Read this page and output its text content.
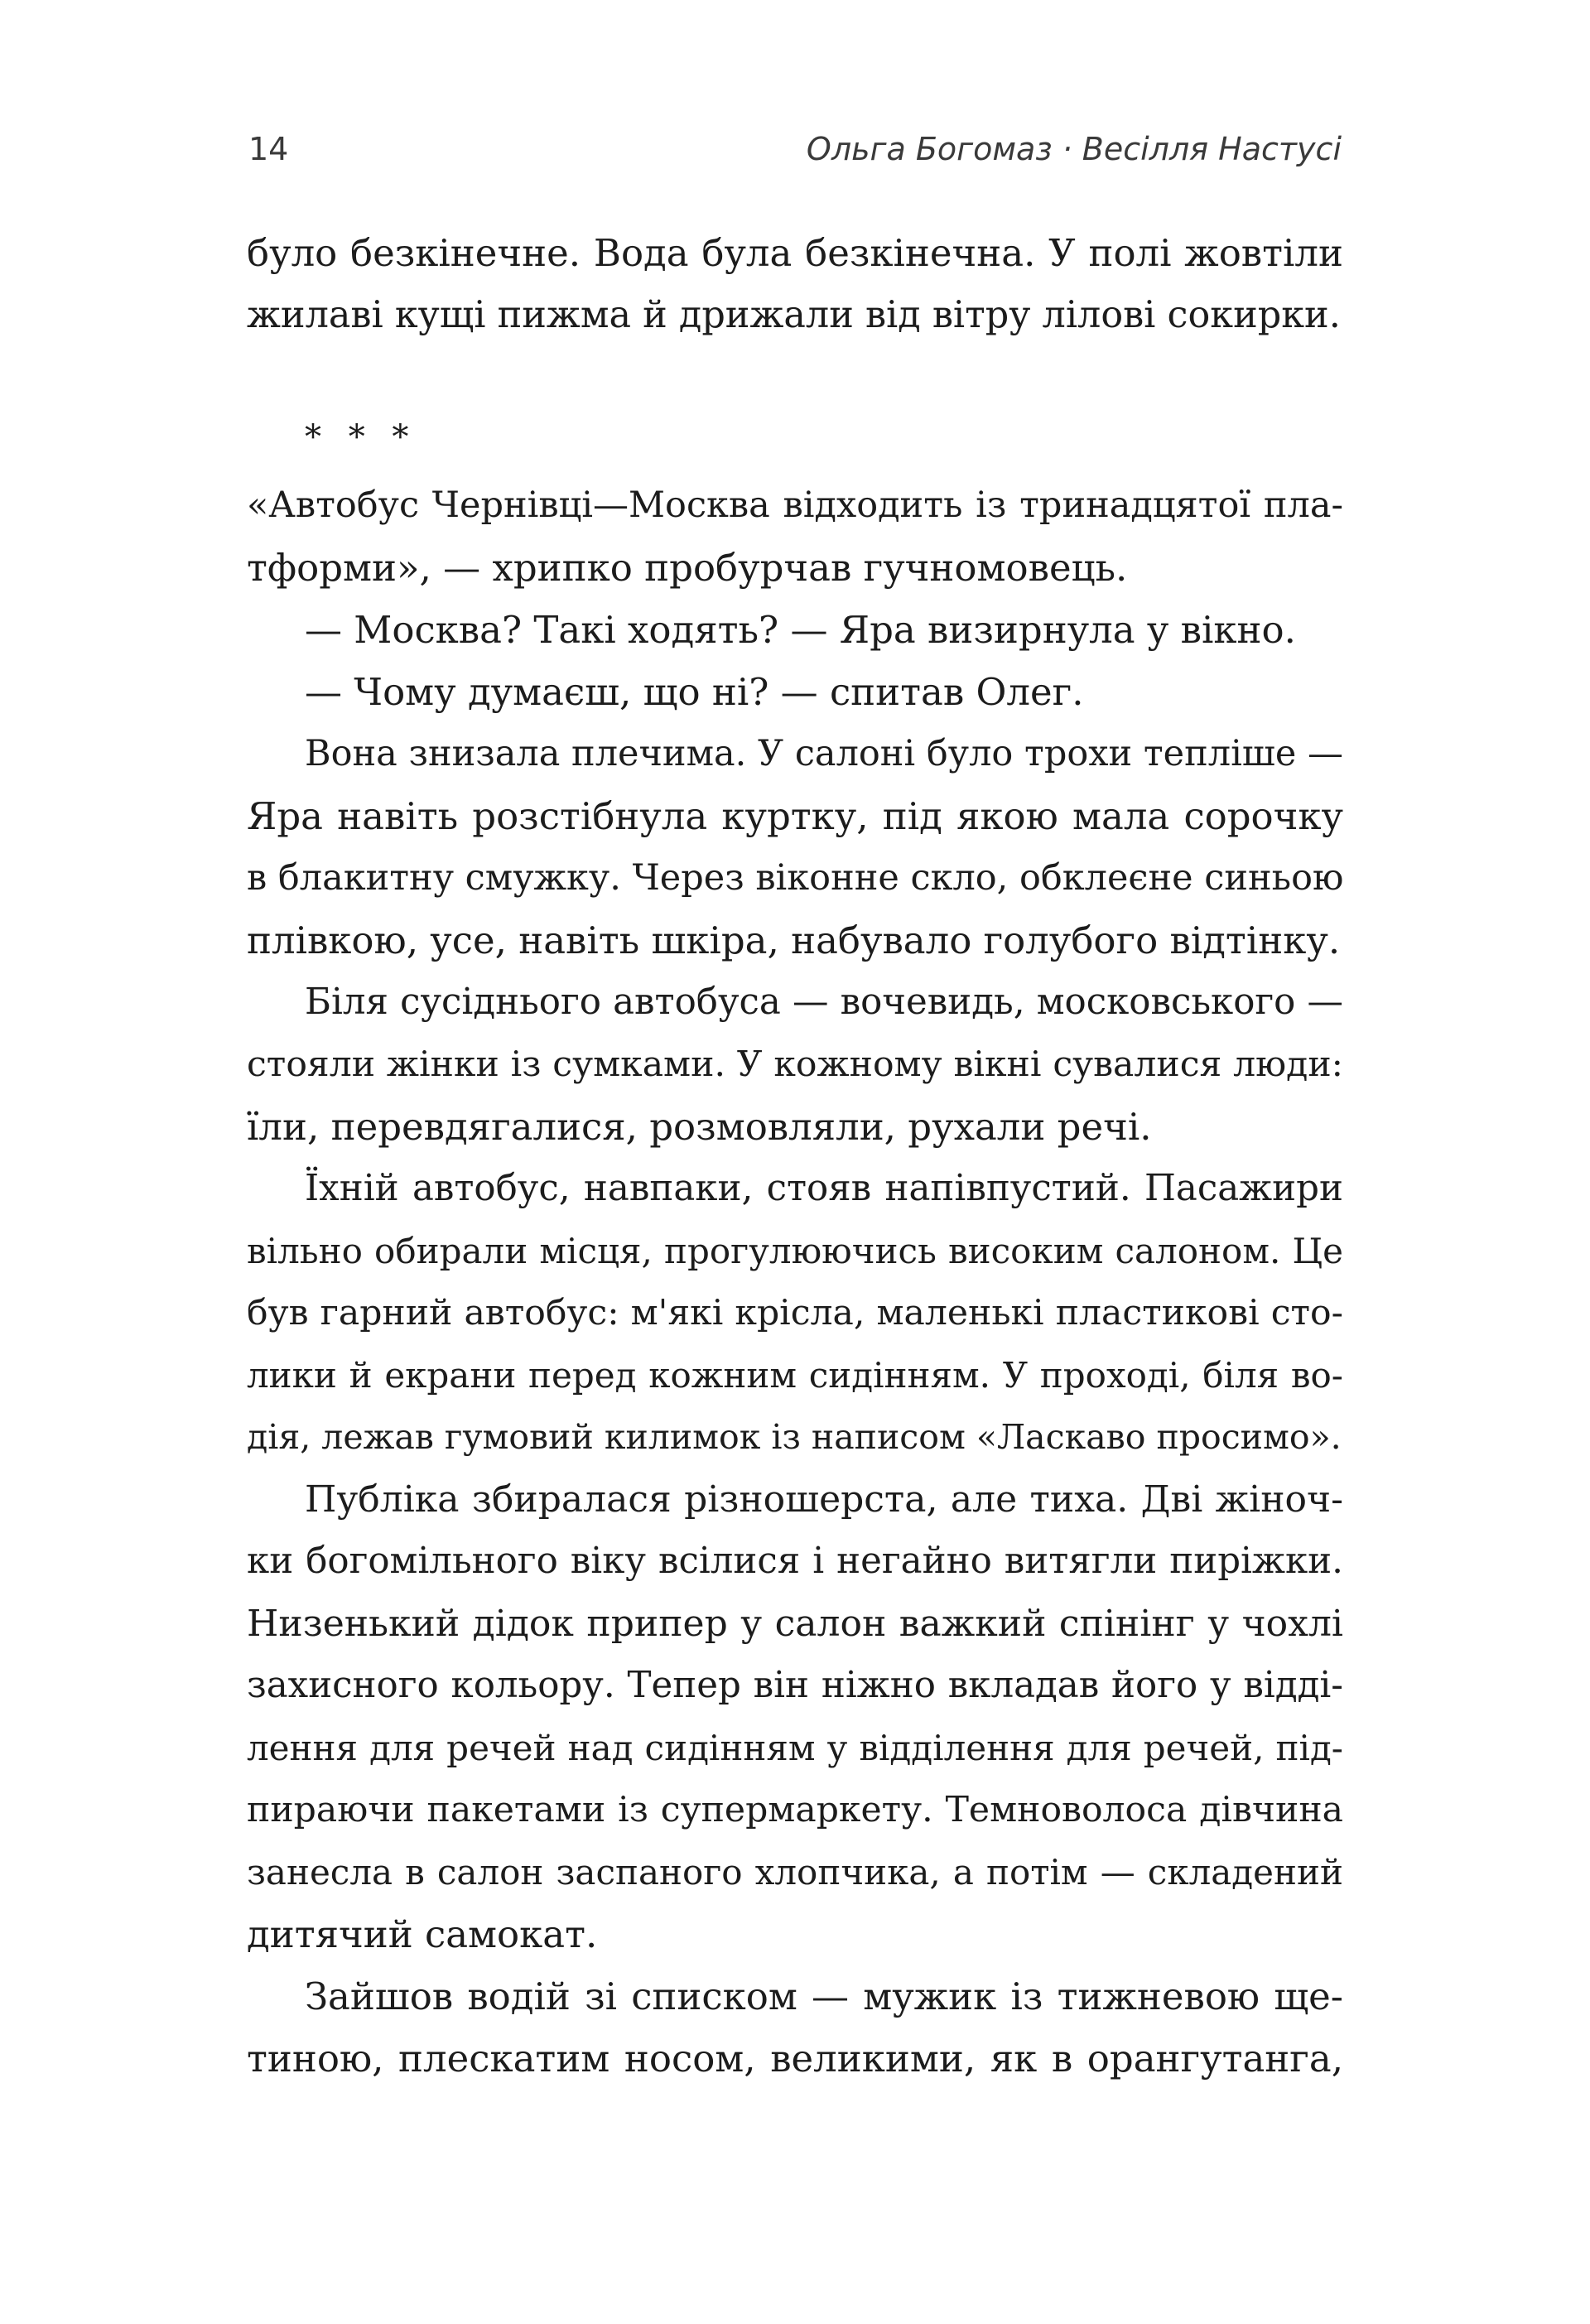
14	Ольга Богомаз · Весілля Настусі
було безкінечне. Вода була безкінечна. У полі жовтіли
жилаві кущі пижма й дрижали від вітру лілові сокирки.
* * *
«Автобус Чернівці—Москва відходить із тринадцятої пла-
тформи», — хрипко пробурчав гучномовець.
— Москва? Такі ходять? — Яра визирнула у вікно.
— Чому думаєш, що ні? — спитав Олег.
Вона знизала плечима. У салоні було трохи тепліше —
Яра навіть розстібнула куртку, під якою мала сорочку
в блакитну смужку. Через віконне скло, обклеєне синьою
плівкою, усе, навіть шкіра, набувало голубого відтінку.
Біля сусіднього автобуса — вочевидь, московського —
стояли жінки із сумками. У кожному вікні сувалися люди:
їли, перевдягалися, розмовляли, рухали речі.
Їхній автобус, навпаки, стояв напівпустий. Пасажири
вільно обирали місця, прогулюючись високим салоном. Це
був гарний автобус: м'які крісла, маленькі пластикові сто-
лики й екрани перед кожним сидінням. У проході, біля во-
дія, лежав гумовий килимок із написом «Ласкаво просимо».
Публіка збиралася різношерста, але тиха. Дві жіноч-
ки богомільного віку всілися і негайно витягли пиріжки.
Низенький дідок припер у салон важкий спінінг у чохлі
захисного кольору. Тепер він ніжно вкладав його у відді-
лення для речей над сидінням у відділення для речей, під-
пираючи пакетами із супермаркету. Темноволоса дівчина
занесла в салон заспаного хлопчика, а потім — складений
дитячий самокат.
Зайшов водій зі списком — мужик із тижневою ще-
тиною, плескатим носом, великими, як в орангутанга,
